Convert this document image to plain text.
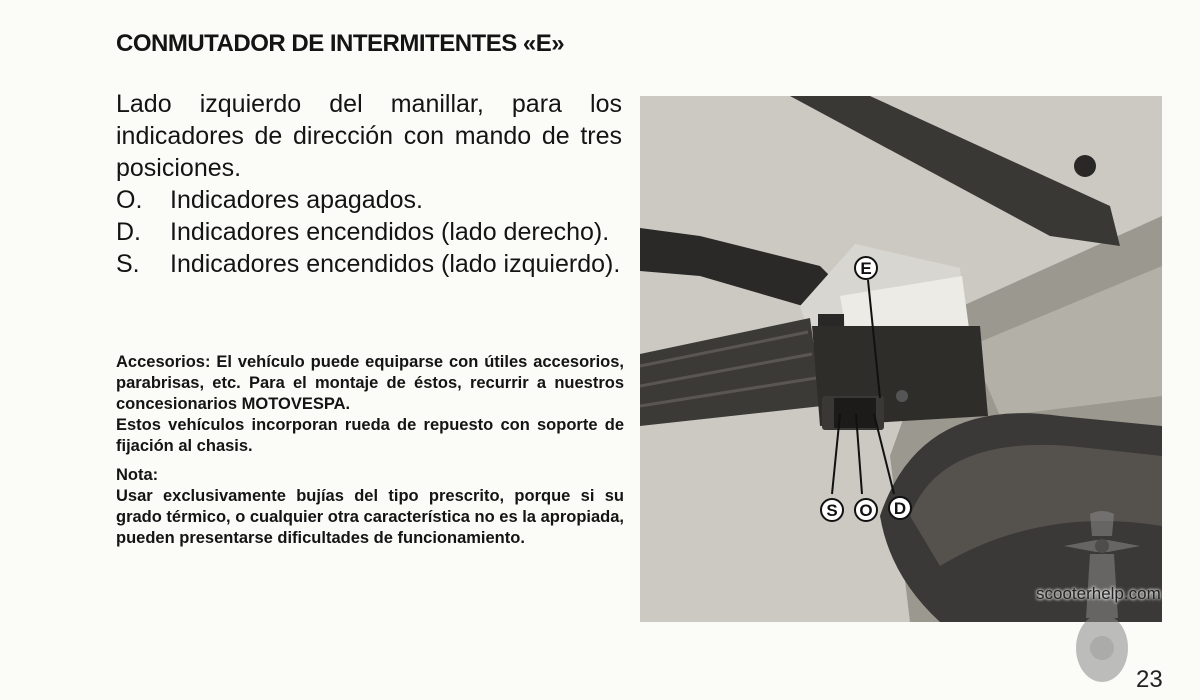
CONMUTADOR DE INTERMITENTES «E»

Lado izquierdo del manillar, para los indicadores de dirección con mando de tres posiciones.

O.	Indicadores apagados.
D.	Indicadores encendidos (lado derecho).
S.	Indicadores encendidos (lado izquierdo).

Accesorios: El vehículo puede equiparse con útiles accesorios, parabrisas, etc. Para el montaje de éstos, recurrir a nuestros concesionarios MOTOVESPA.

Estos vehículos incorporan rueda de repuesto con soporte de fijación al chasis.

Nota:

Usar exclusivamente bujías del tipo prescrito, porque si su grado térmico, o cualquier otra característica no es la apropiada, pueden presentarse dificultades de funcionamiento.

E
S O D
scooterhelp.com
23
